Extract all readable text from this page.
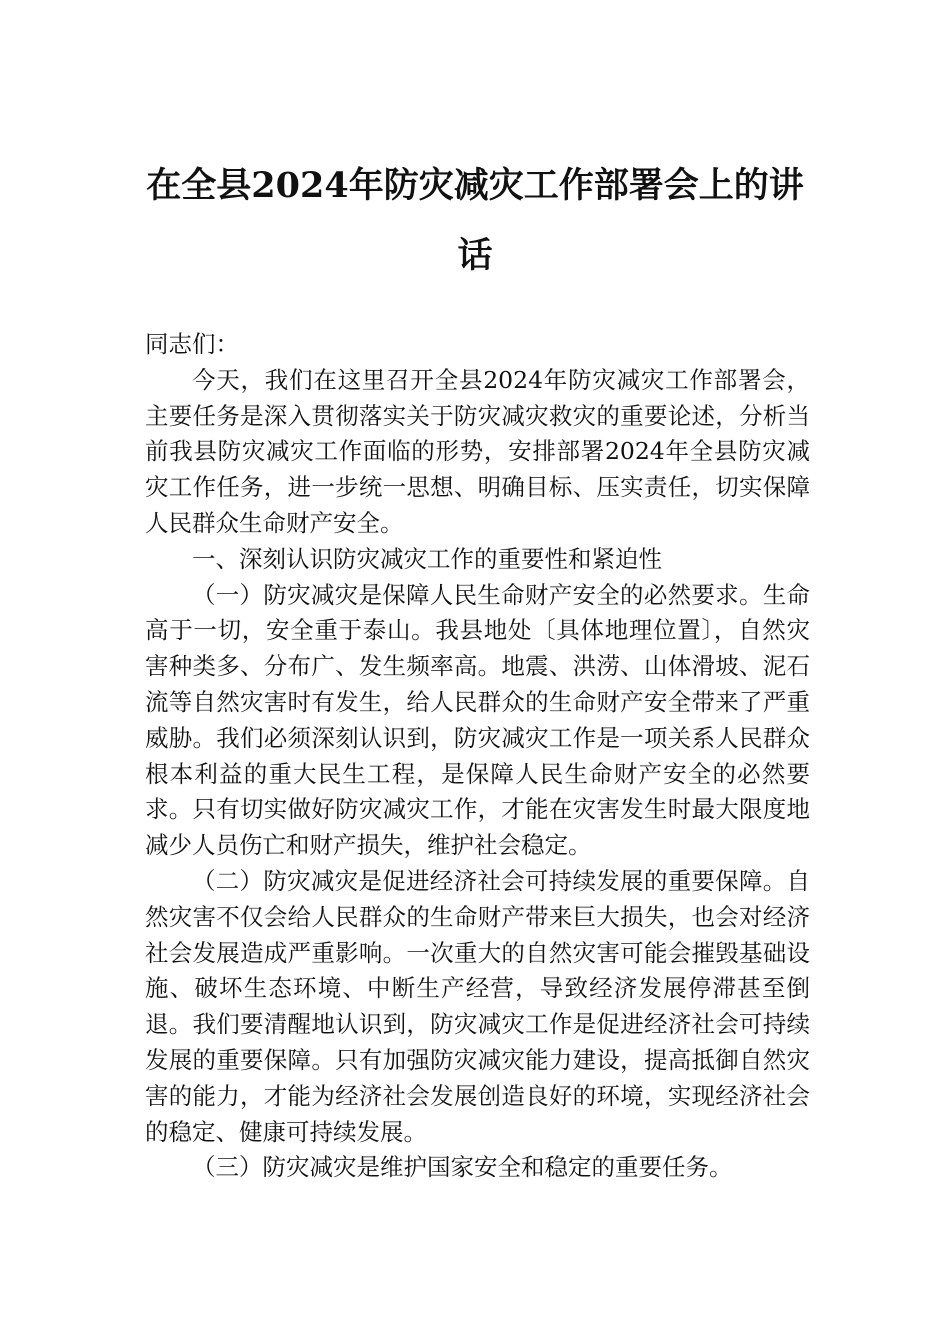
在全县2024年防灾减灾工作部署会上的讲
话

同志们：

今天，我们在这里召开全县2024年防灾减灾工作部署会，主要任务是深入贯彻落实关于防灾减灾救灾的重要论述，分析当前我县防灾减灾工作面临的形势，安排部署2024年全县防灾减灾工作任务，进一步统一思想、明确目标、压实责任，切实保障人民群众生命财产安全。

一、深刻认识防灾减灾工作的重要性和紧迫性

（一）防灾减灾是保障人民生命财产安全的必然要求。生命高于一切，安全重于泰山。我县地处〔具体地理位置〕，自然灾害种类多、分布广、发生频率高。地震、洪涝、山体滑坡、泥石流等自然灾害时有发生，给人民群众的生命财产安全带来了严重威胁。我们必须深刻认识到，防灾减灾工作是一项关系人民群众根本利益的重大民生工程，是保障人民生命财产安全的必然要求。只有切实做好防灾减灾工作，才能在灾害发生时最大限度地减少人员伤亡和财产损失，维护社会稳定。

（二）防灾减灾是促进经济社会可持续发展的重要保障。自然灾害不仅会给人民群众的生命财产带来巨大损失，也会对经济社会发展造成严重影响。一次重大的自然灾害可能会摧毁基础设施、破坏生态环境、中断生产经营，导致经济发展停滞甚至倒退。我们要清醒地认识到，防灾减灾工作是促进经济社会可持续发展的重要保障。只有加强防灾减灾能力建设，提高抵御自然灾害的能力，才能为经济社会发展创造良好的环境，实现经济社会的稳定、健康可持续发展。

（三）防灾减灾是维护国家安全和稳定的重要任务。
